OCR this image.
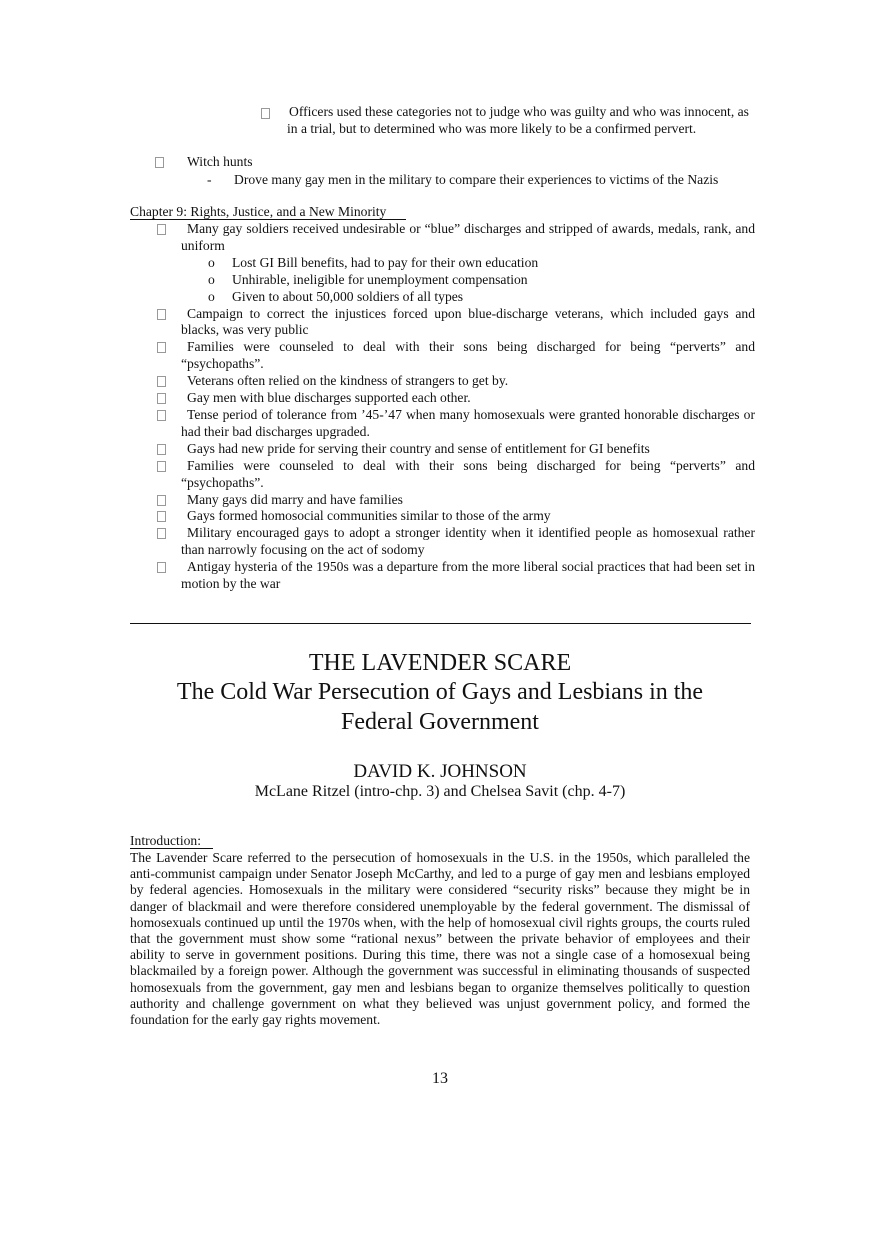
Officers used these categories not to judge who was guilty and who was innocent, as in a trial, but to determined who was more likely to be a confirmed pervert.
Witch hunts
- Drove many gay men in the military to compare their experiences to victims of the Nazis
Chapter 9: Rights, Justice, and a New Minority
Many gay soldiers received undesirable or “blue” discharges and stripped of awards, medals, rank, and uniform
o Lost GI Bill benefits, had to pay for their own education
o Unhirable, ineligible for unemployment compensation
o Given to about 50,000 soldiers of all types
Campaign to correct the injustices forced upon blue-discharge veterans, which included gays and blacks, was very public
Families were counseled to deal with their sons being discharged for being “perverts” and “psychopaths”.
Veterans often relied on the kindness of strangers to get by.
Gay men with blue discharges supported each other.
Tense period of tolerance from ’45-’47 when many homosexuals were granted honorable discharges or had their bad discharges upgraded.
Gays had new pride for serving their country and sense of entitlement for GI benefits
Families were counseled to deal with their sons being discharged for being “perverts” and “psychopaths”.
Many gays did marry and have families
Gays formed homosocial communities similar to those of the army
Military encouraged gays to adopt a stronger identity when it identified people as homosexual rather than narrowly focusing on the act of sodomy
Antigay hysteria of the 1950s was a departure from the more liberal social practices that had been set in motion by the war
THE LAVENDER SCARE
The Cold War Persecution of Gays and Lesbians in the
Federal Government
DAVID K. JOHNSON
McLane Ritzel (intro-chp. 3) and Chelsea Savit (chp. 4-7)
Introduction:
The Lavender Scare referred to the persecution of homosexuals in the U.S. in the 1950s, which paralleled the anti-communist campaign under Senator Joseph McCarthy, and led to a purge of gay men and lesbians employed by federal agencies. Homosexuals in the military were considered “security risks” because they might be in danger of blackmail and were therefore considered unemployable by the federal government. The dismissal of homosexuals continued up until the 1970s when, with the help of homosexual civil rights groups, the courts ruled that the government must show some “rational nexus” between the private behavior of employees and their ability to serve in government positions. During this time, there was not a single case of a homosexual being blackmailed by a foreign power. Although the government was successful in eliminating thousands of suspected homosexuals from the government, gay men and lesbians began to organize themselves politically to question authority and challenge government on what they believed was unjust government policy, and formed the foundation for the early gay rights movement.
13
